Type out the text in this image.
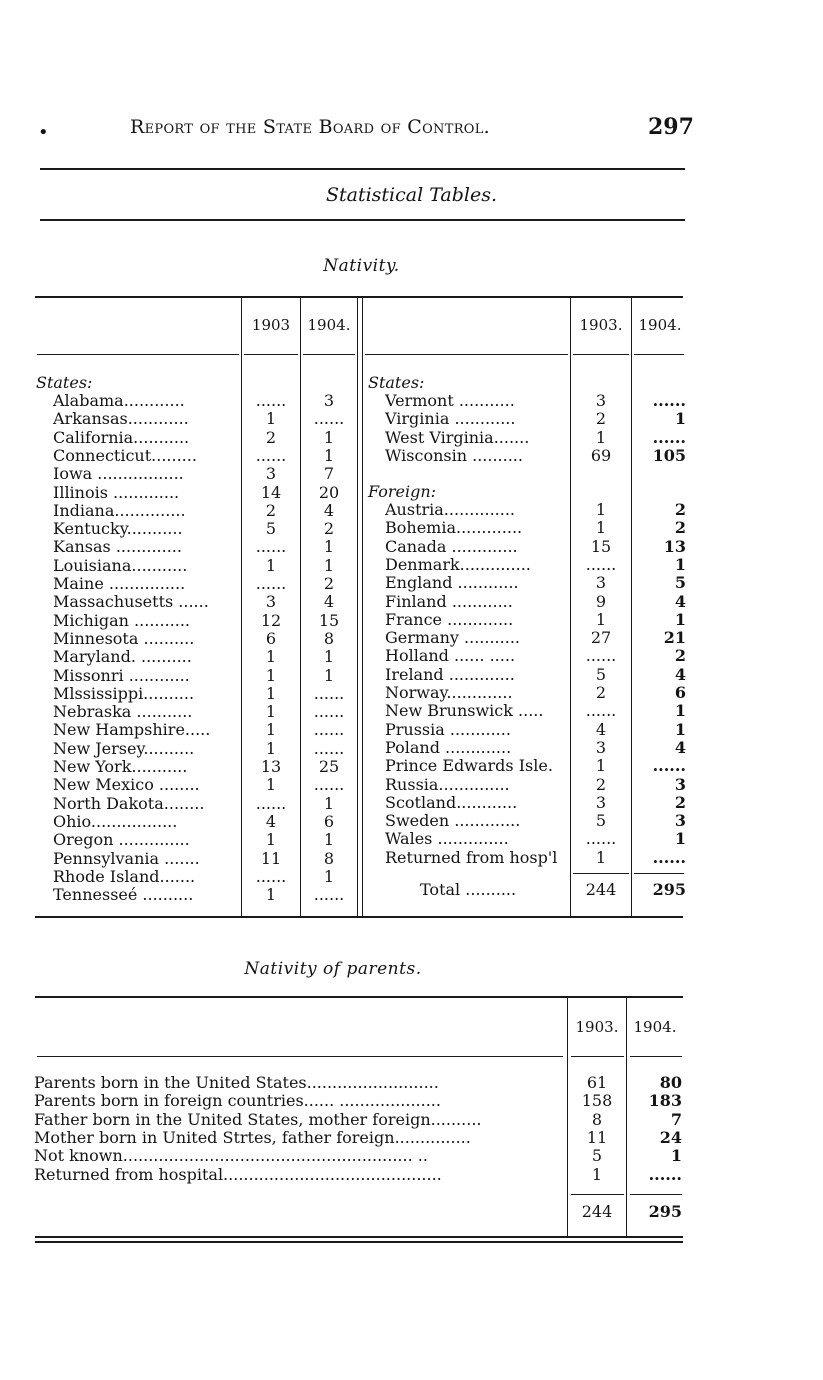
•	Report of the State Board of Control.	297
Statistical Tables.
Nativity.
1903	1904.	1903.	1904.
States:
Alabama............	......	3
Arkansas............	1	......
California...........	2	1
Connecticut.........	......	1
Iowa .................	3	7
Illinois .............	14	20
Indiana..............	2	4
Kentucky...........	5	2
Kansas .............	......	1
Louisiana...........	1	1
Maine ...............	......	2
Massachusetts ......	3	4
Michigan ...........	12	15
Minnesota ..........	6	8
Maryland. ..........	1	1
Missonri ............	1	1
Mlssissippi..........	1	......
Nebraska ...........	1	......
New Hampshire.....	1	......
New Jersey..........	1	......
New York...........	13	25
New Mexico ........	1	......
North Dakota........	......	1
Ohio.................	4	6
Oregon ..............	1	1
Pennsylvania .......	11	8
Rhode Island.......	......	1
Tennesseé ..........	1	......
States:
Vermont ...........	3	......
Virginia ............	2	1
West Virginia.......	1	......
Wisconsin ..........	69	105
Foreign:
Austria..............	1	2
Bohemia.............	1	2
Canada .............	15	13
Denmark..............	......	1
England ............	3	5
Finland ............	9	4
France .............	1	1
Germany ...........	27	21
Holland ...... .....	......	2
Ireland .............	5	4
Norway.............	2	6
New Brunswick .....	......	1
Prussia ............	4	1
Poland .............	3	4
Prince Edwards Isle.	1	......
Russia..............	2	3
Scotland............	3	2
Sweden .............	5	3
Wales ..............	......	1
Returned from hosp'l	1	......
Total ..........	244	295
Nativity of parents.
1903.	1904.
Parents born in the United States..........................	61	80
Parents born in foreign countries...... ....................	158	183
Father born in the United States, mother foreign..........	8	7
Mother born in United Strtes, father foreign...............	11	24
Not known......................................................... ..	5	1
Returned from hospital...........................................	1	......
244	295
